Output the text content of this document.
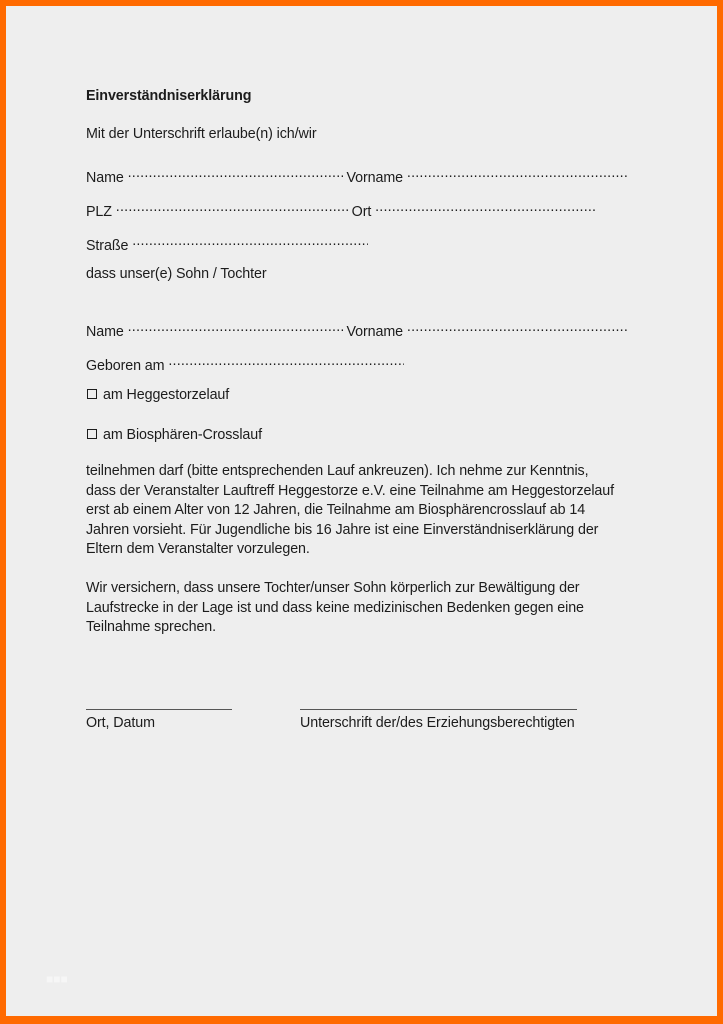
Einverständniserklärung
Mit der Unterschrift erlaube(n) ich/wir
Name .....	Vorname .....
PLZ .....	Ort .....
Straße .....
dass unser(e) Sohn / Tochter
Name .....	Vorname .....
Geboren am .....
am Heggestorzelauf
am Biosphären-Crosslauf
teilnehmen darf (bitte entsprechenden Lauf ankreuzen). Ich nehme zur Kenntnis,
dass der Veranstalter Lauftreff Heggestorze e.V. eine Teilnahme am Heggestorzelauf
erst ab einem Alter von 12 Jahren, die Teilnahme am Biosphärencrosslauf ab 14
Jahren vorsieht. Für Jugendliche bis 16 Jahre ist eine Einverständniserklärung der
Eltern dem Veranstalter vorzulegen.
Wir versichern, dass unsere Tochter/unser Sohn körperlich zur Bewältigung der
Laufstrecke in der Lage ist und dass keine medizinischen Bedenken gegen eine
Teilnahme sprechen.
Ort, Datum	Unterschrift der/des Erziehungsberechtigten
■■■
